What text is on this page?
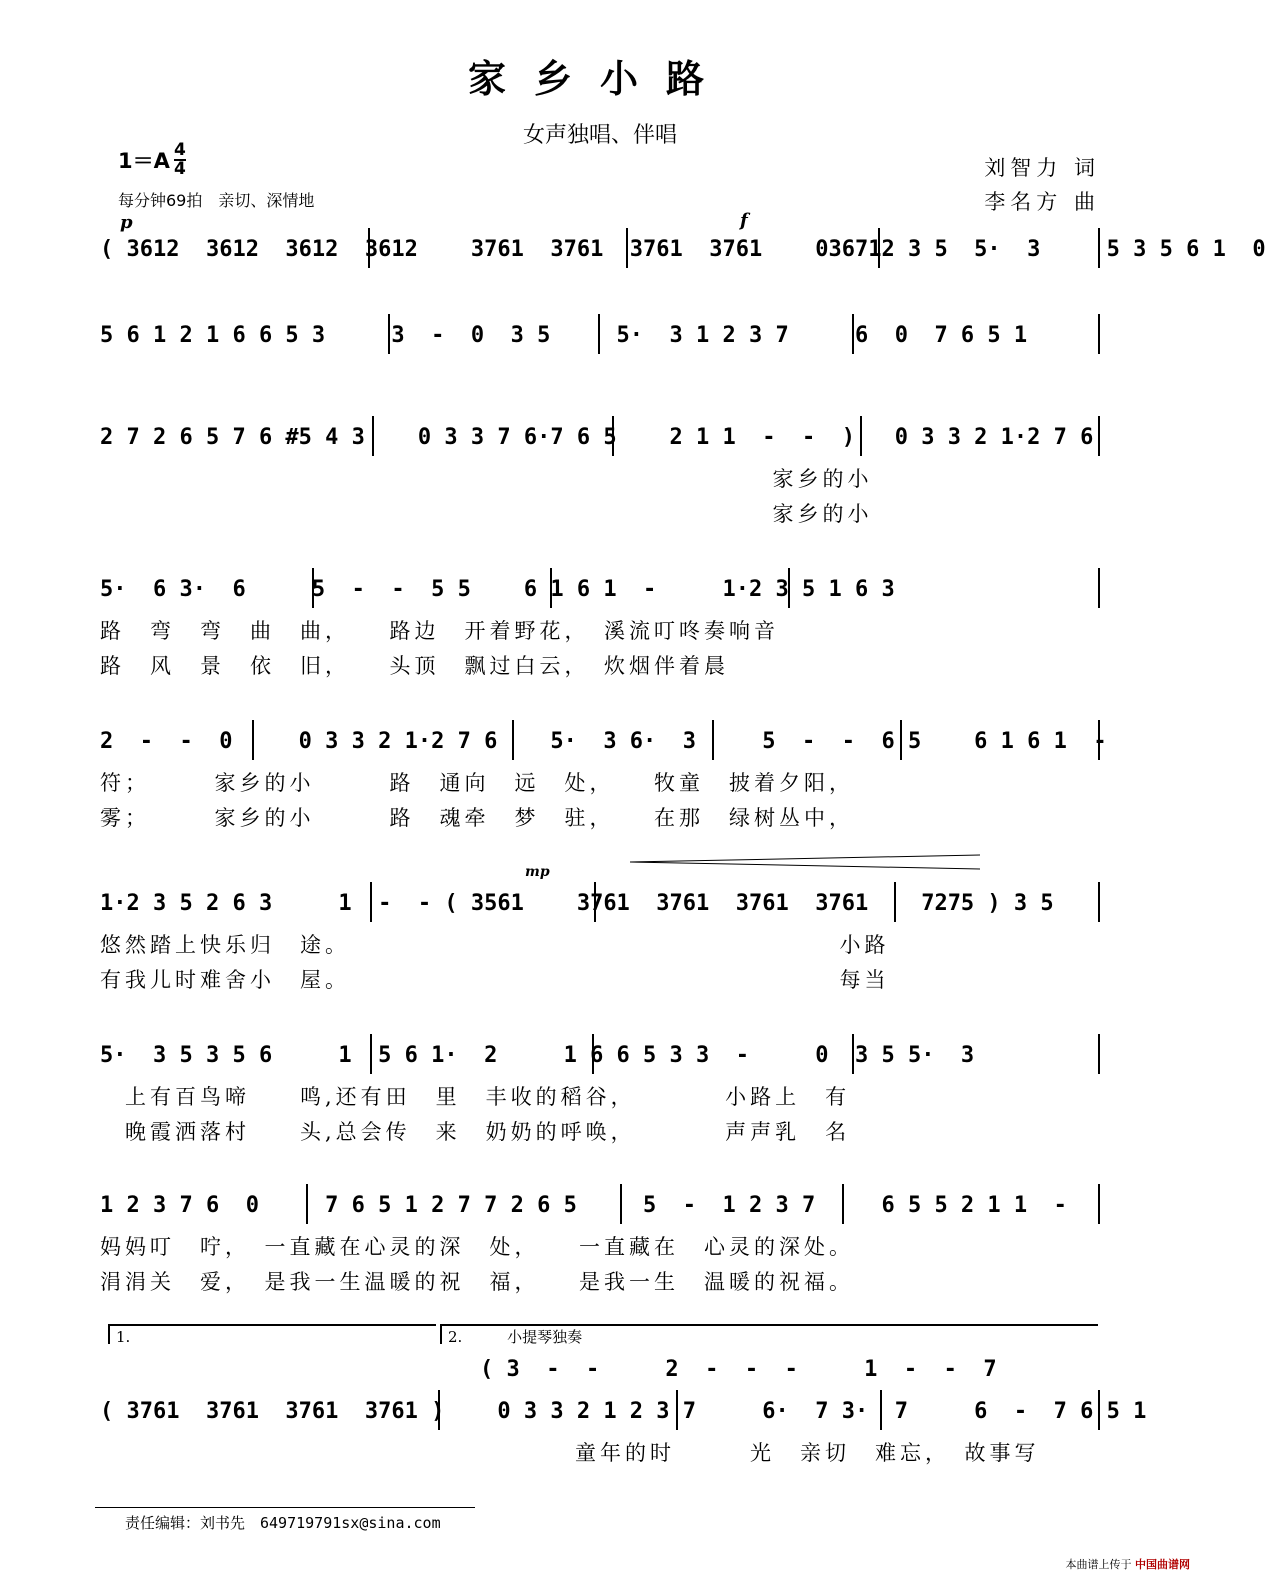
家乡小路
女声独唱、伴唱
刘智力 词
李名方 曲
$1=A \frac{4}{4}$
每分钟69拍　亲切、深情地
p	f
mp
( 3612  3612  3612  3612    3761  3761  3761  3761    036712 3 5  5·  3     5 3 5 6 1  0
5 6 1 2 1 6 6 5 3     3  -  0  3 5     5·  3 1 2 3 7     6  0  7 6 5 1
2 7 2 6 5 7 6 #5 4 3    0 3 3 7 6·7 6 5    2 1 1  -  -  )   0 3 3 2 1·2 7 6
家乡的小
家乡的小
5·  6 3·  6     5  -  -  5 5    6 1 6 1  -     1·2 3 5 1 6 3
路　弯　弯　曲　曲，　　路边　开着野花，　溪流叮咚奏响音
路　风　景　依　旧，　　头顶　飘过白云，　炊烟伴着晨
2  -  -  0     0 3 3 2 1·2 7 6    5·  3 6·  3     5  -  -  6 5    6 1 6 1  -
符；　　　家乡的小　　　路　通向　远　处，　　牧童　披着夕阳，
雾；　　　家乡的小　　　路　魂牵　梦　驻，　　在那　绿树丛中，
1·2 3 5 2 6 3     1  -  - ( 3561    3761  3761  3761  3761    7275 ) 3 5
悠然踏上快乐归　途。　　　　　　　　　　　　　　　　　　　　小路
有我儿时难舍小　屋。　　　　　　　　　　　　　　　　　　　　每当
5·  3 5 3 5 6     1  5 6 1·  2     1 6 6 5 3 3  -     0  3 5 5·  3
　上有百鸟啼　　鸣,还有田　里　丰收的稻谷，　　　　小路上　有
　晚霞洒落村　　头,总会传　来　奶奶的呼唤，　　　　声声乳　名
1 2 3 7 6  0     7 6 5 1 2 7 7 2 6 5     5  -  1 2 3 7     6 5 5 2 1 1  -
妈妈叮　咛，　一直藏在心灵的深　处，　　一直藏在　心灵的深处。
涓涓关　爱，　是我一生温暖的祝　福，　　是我一生　温暖的祝福。
1.	2.	小提琴独奏
( 3  -  -     2  -  -  -     1  -  -  7
( 3761  3761  3761  3761 )    0 3 3 2 1 2 3 7     6·  7 3·  7     6  -  7 6 5 1
　　　　　　　　　　　　　　　　　　　童年的时　　　光　亲切　难忘，　故事写
责任编辑：刘书先　649719791sx@sina.com
本曲谱上传于 中国曲谱网
